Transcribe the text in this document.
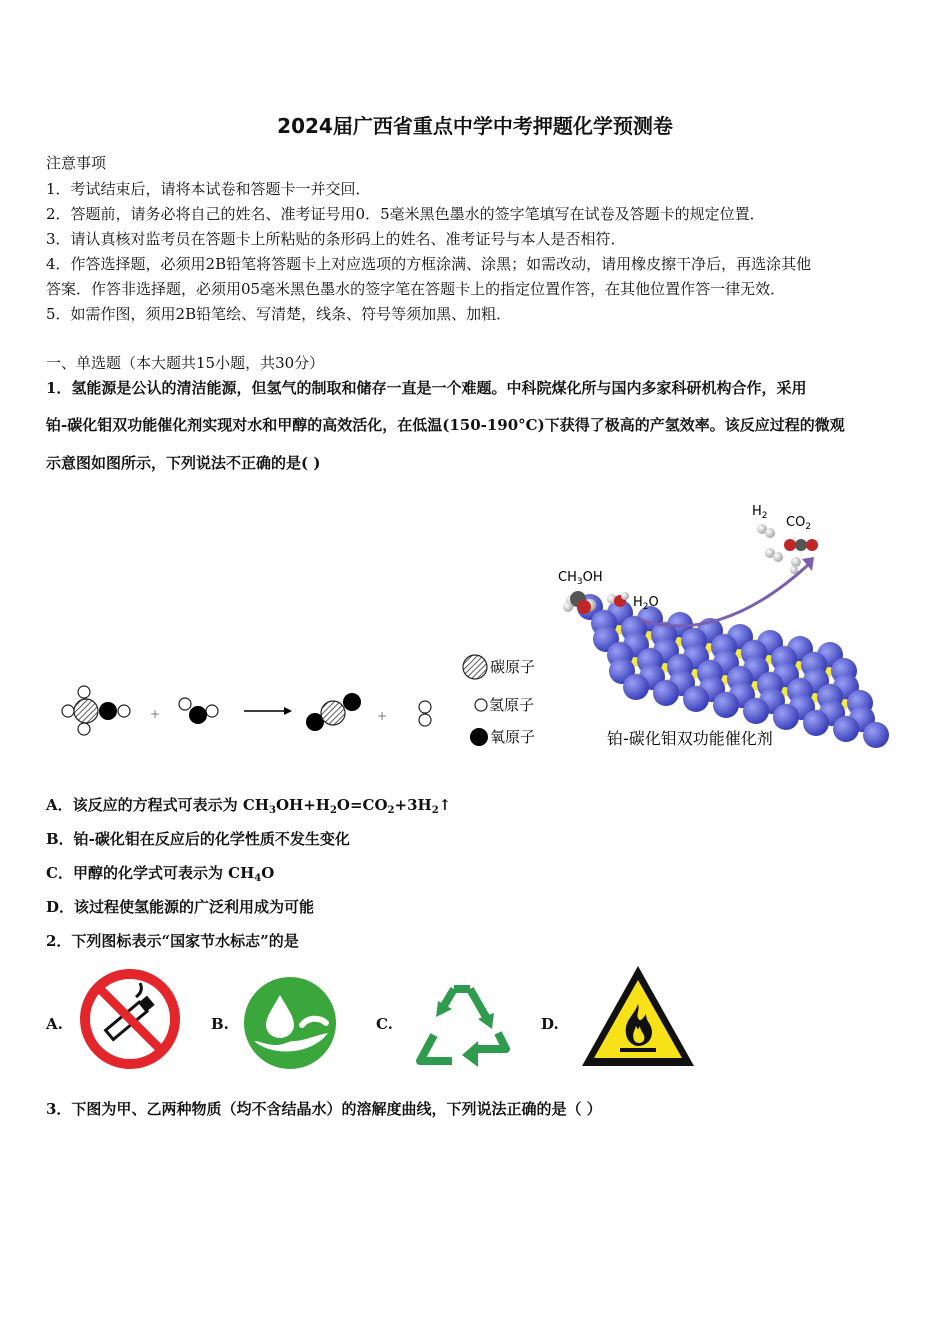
2024届广西省重点中学中考押题化学预测卷
注意事项
1．考试结束后，请将本试卷和答题卡一并交回．
2．答题前，请务必将自己的姓名、准考证号用0．5毫米黑色墨水的签字笔填写在试卷及答题卡的规定位置．
3．请认真核对监考员在答题卡上所粘贴的条形码上的姓名、准考证号与本人是否相符．
4．作答选择题，必须用2B铅笔将答题卡上对应选项的方框涂满、涂黑；如需改动，请用橡皮擦干净后，再选涂其他
答案．作答非选择题，必须用05毫米黑色墨水的签字笔在答题卡上的指定位置作答，在其他位置作答一律无效．
5．如需作图，须用2B铅笔绘、写清楚，线条、符号等须加黑、加粗．
一、单选题（本大题共15小题，共30分）
1．氢能源是公认的清洁能源，但氢气的制取和储存一直是一个难题。中科院煤化所与国内多家科研机构合作，采用
铂-碳化钼双功能催化剂实现对水和甲醇的高效活化，在低温(150-190°C)下获得了极高的产氢效率。该反应过程的微观
示意图如图所示，下列说法不正确的是( )
+	+
碳原子
氢原子
氧原子
$H_2$ $CO_2$
$CH_3OH$
$H_2O$
铂-碳化钼双功能催化剂
A．该反应的方程式可表示为 $CH_3OH+H_2O=CO_2+3H_2↑$
B．铂-碳化钼在反应后的化学性质不发生变化
C．甲醇的化学式可表示为 $CH_4O$
D．该过程使氢能源的广泛利用成为可能
2．下列图标表示“国家节水标志”的是
A.	B.	C.	D.
3．下图为甲、乙两种物质（均不含结晶水）的溶解度曲线，下列说法正确的是（ ）
